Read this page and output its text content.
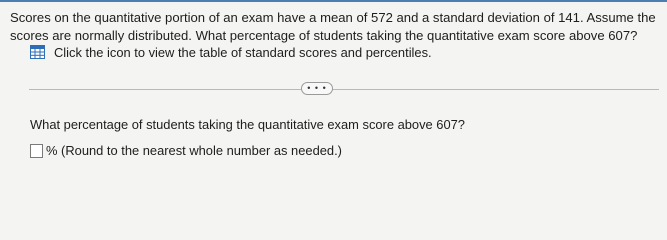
Scores on the quantitative portion of an exam have a mean of 572 and a standard deviation of 141. Assume the scores are normally distributed. What percentage of students taking the quantitative exam score above 607?
Click the icon to view the table of standard scores and percentiles.
• • •
What percentage of students taking the quantitative exam score above 607?
% (Round to the nearest whole number as needed.)
